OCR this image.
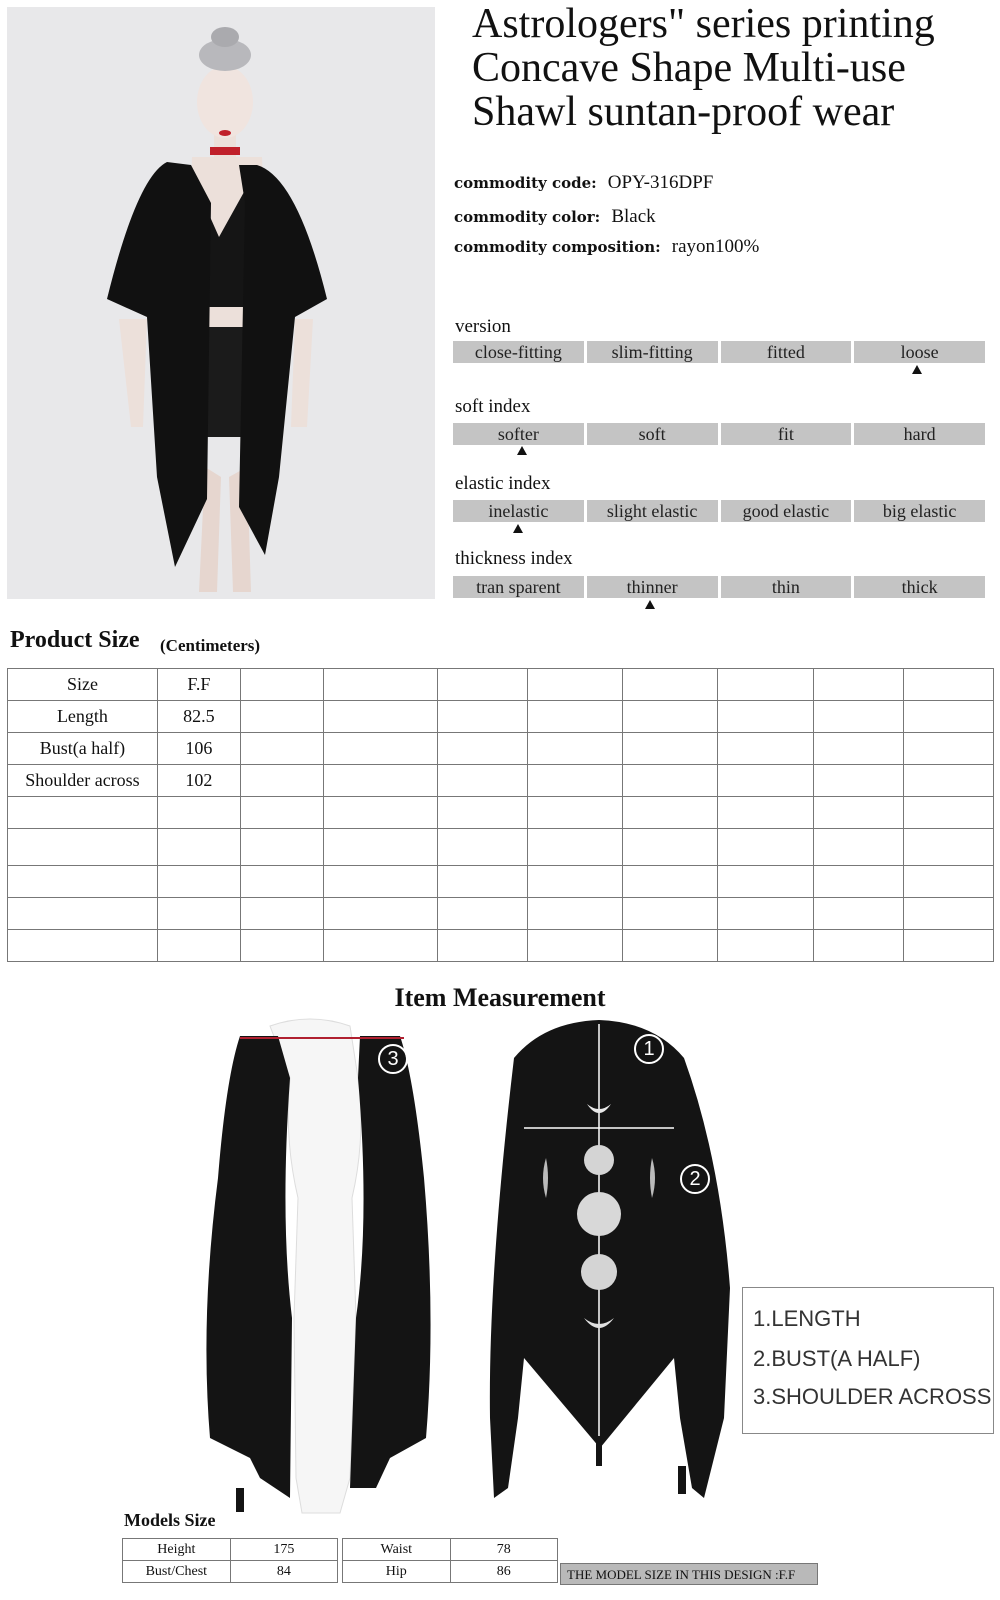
Astrologers" series printing Concave Shape Multi-use Shawl suntan-proof wear
commodity code: OPY-316DPF
commodity color: Black
commodity composition: rayon100%
version
close-fitting	slim-fitting	fitted	loose
soft index
softer	soft	fit	hard
elastic index
inelastic	slight elastic	good elastic	big elastic
thickness index
tran sparent	thinner	thin	thick
Product Size (Centimeters)
Size	F.F								
Length	82.5								
Bust(a half)	106								
Shoulder across	102								

Item Measurement
3	1
2
1.LENGTH
2.BUST(A HALF)
3.SHOULDER ACROSS
Models Size
Height	175
Bust/Chest	84
Waist	78
Hip	86	THE MODEL SIZE IN THIS DESIGN :F.F
